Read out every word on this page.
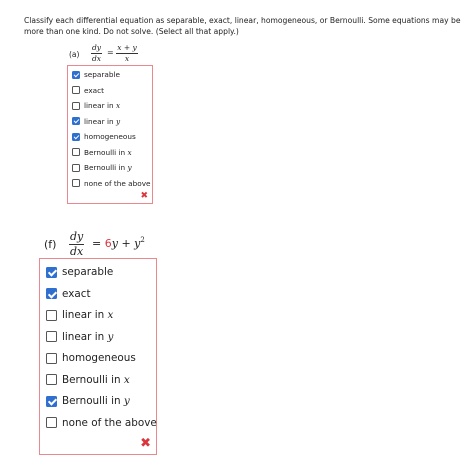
Classify each differential equation as separable, exact, linear, homogeneous, or Bernoulli. Some equations may be more than one kind. Do not solve. (Select all that apply.)
$(a) \frac{dy}{dx} = \frac{x + y}{x}$
separable
exact
linear in
x
linear in
y
homogeneous
Bernoulli in
x
Bernoulli in
y
none of the above
✖
$(f) \frac{dy}{dx} = 6y + y^2$
separable
exact
linear in
x
linear in
y
homogeneous
Bernoulli in
x
Bernoulli in
y
none of the above
✖
